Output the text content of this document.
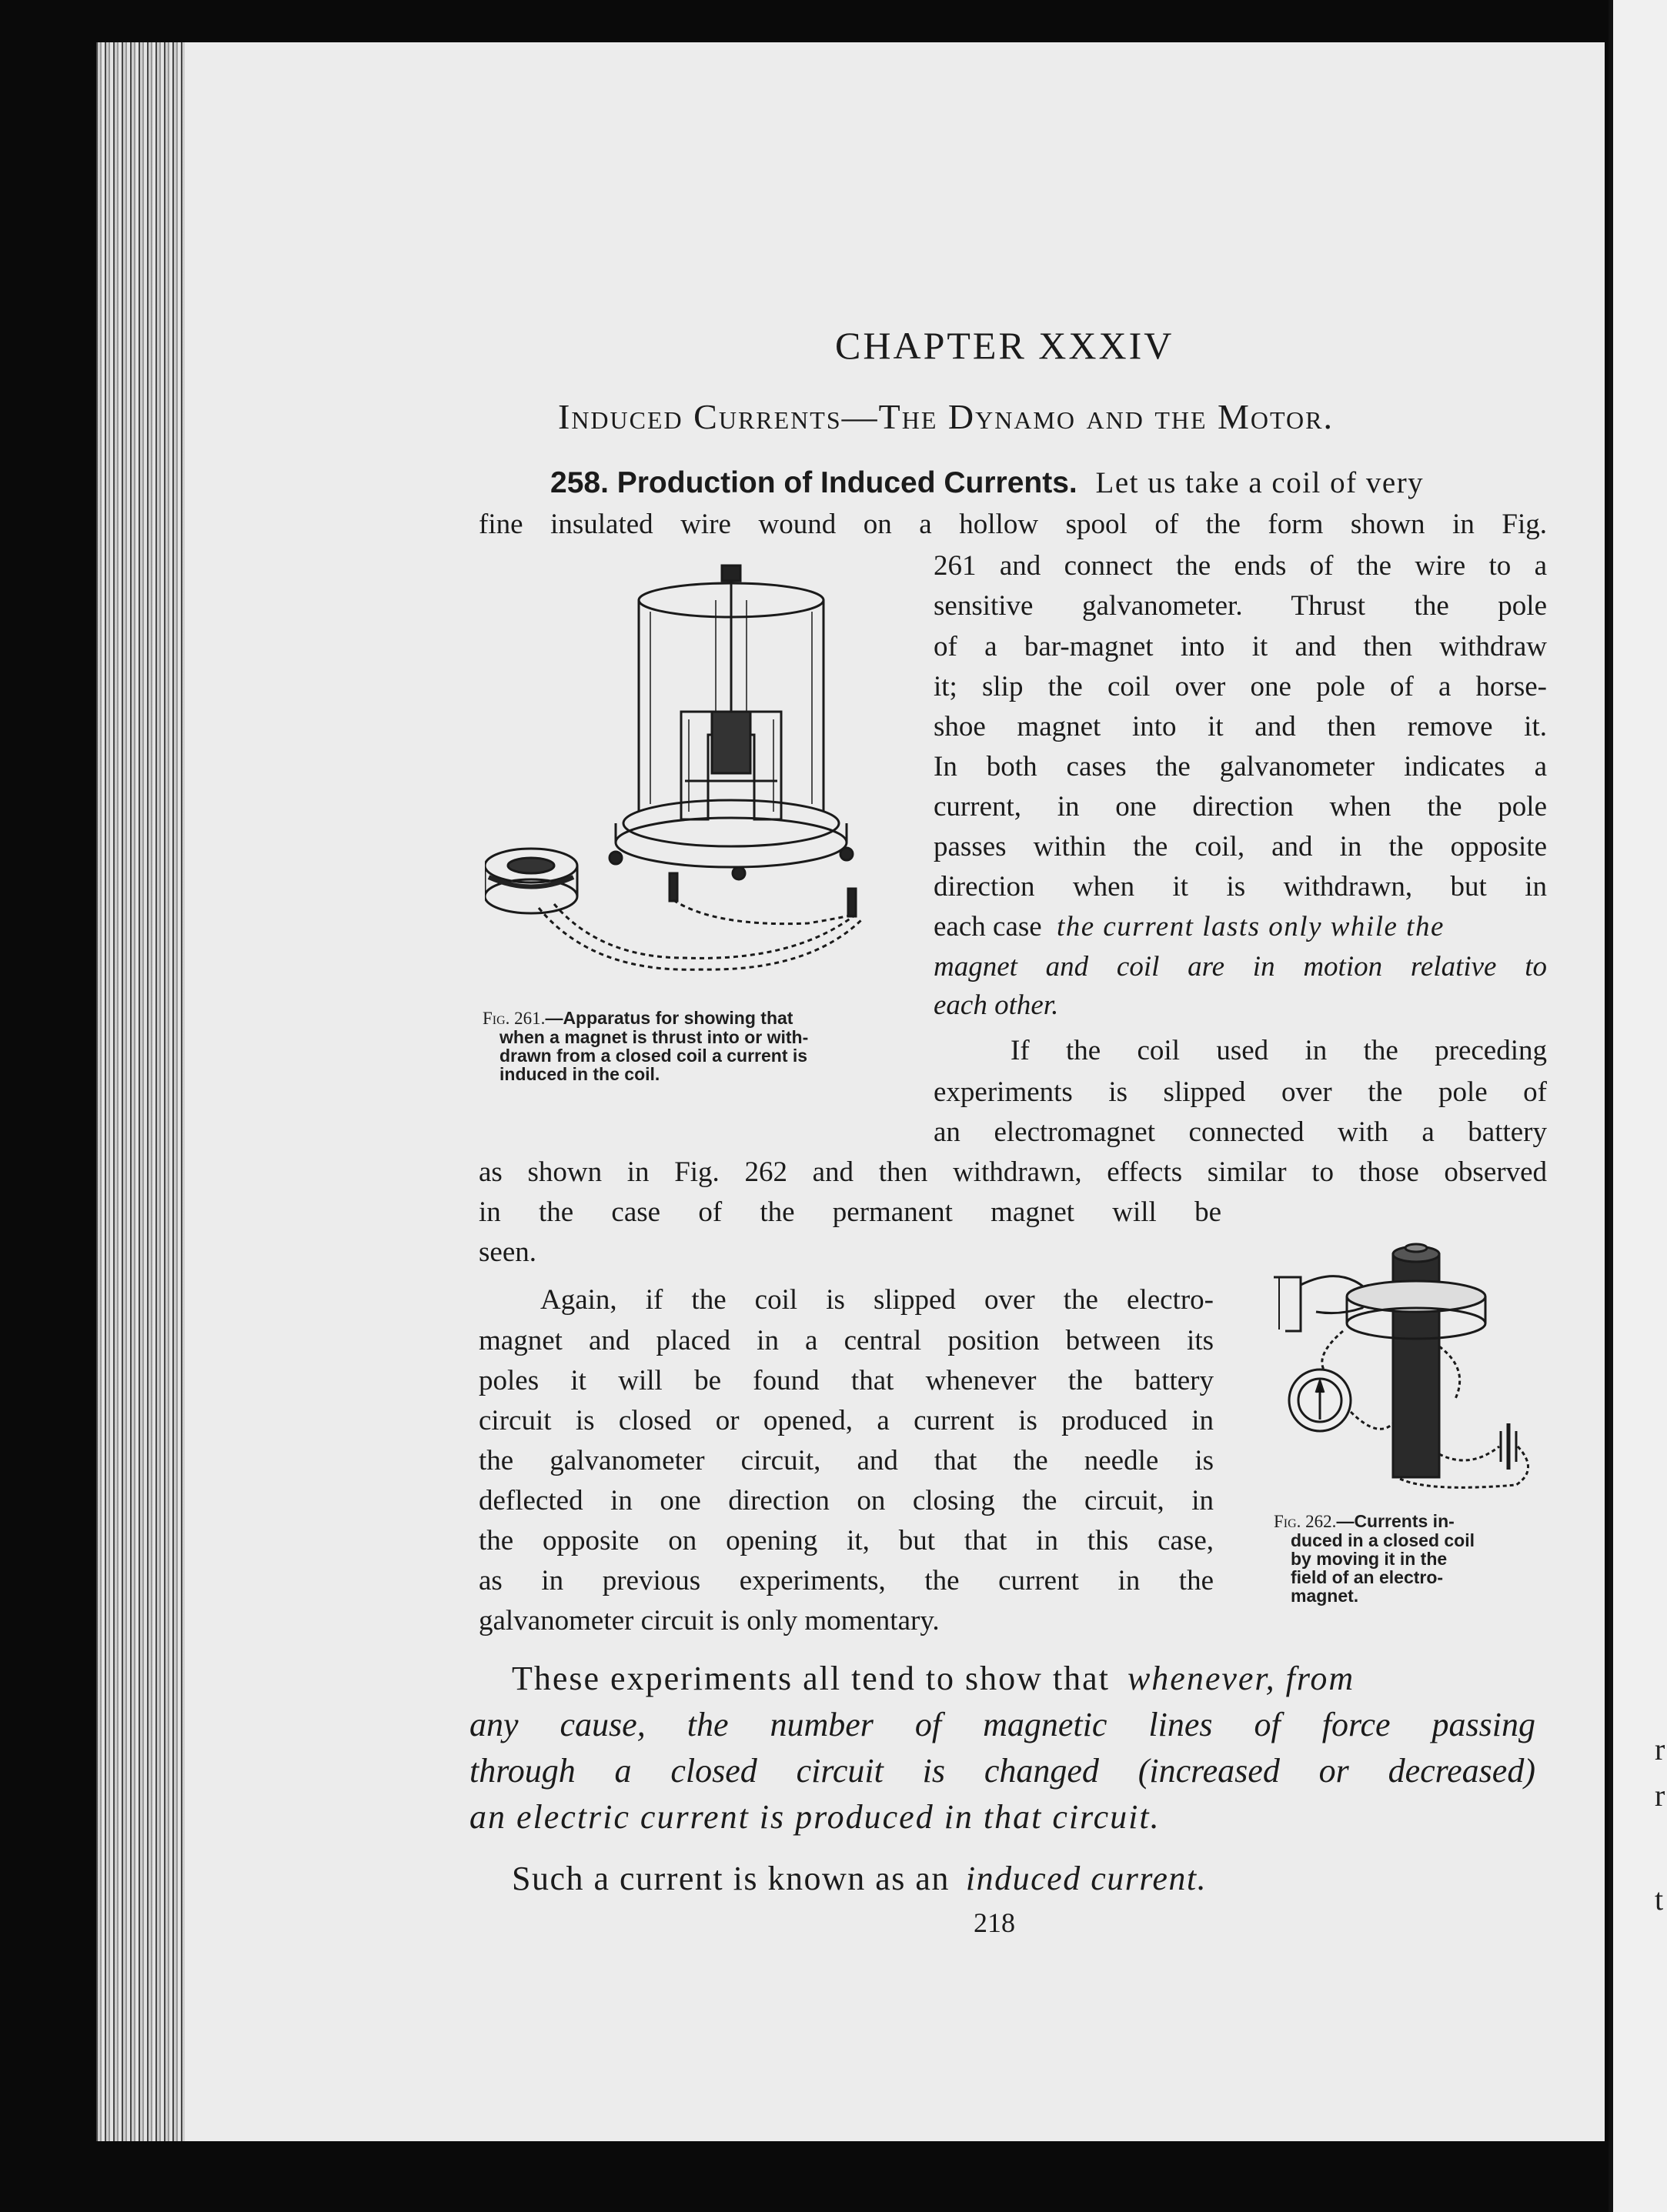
r
r
t
CHAPTER XXXIV
Induced Currents—The Dynamo and the Motor.
258. Production of Induced Currents. Let us take a coil of very
fine insulated wire wound on a hollow spool of the form shown in Fig.
261 and connect the ends of the wire to a
sensitive galvanometer. Thrust the pole
of a bar-magnet into it and then withdraw
it; slip the coil over one pole of a horse-
shoe magnet into it and then remove it.
In both cases the galvanometer indicates a
current, in one direction when the pole
passes within the coil, and in the opposite
direction when it is withdrawn, but in
each case the current lasts only while the
magnet and coil are in motion relative to
each other.
Fig. 261.—Apparatus for showing that
when a magnet is thrust into or with-
drawn from a closed coil a current is
induced in the coil.
If the coil used in the preceding
experiments is slipped over the pole of
an electromagnet connected with a battery
as shown in Fig. 262 and then withdrawn, effects similar to those observed
in the case of the permanent magnet will be
seen.
Again, if the coil is slipped over the electro-
magnet and placed in a central position between its
poles it will be found that whenever the battery
circuit is closed or opened, a current is produced in
the galvanometer circuit, and that the needle is
deflected in one direction on closing the circuit, in
the opposite on opening it, but that in this case,
as in previous experiments, the current in the
galvanometer circuit is only momentary.
Fig. 262.—Currents in-
duced in a closed coil
by moving it in the
field of an electro-
magnet.
These experiments all tend to show that whenever, from
any cause, the number of magnetic lines of force passing
through a closed circuit is changed (increased or decreased)
an electric current is produced in that circuit.
Such a current is known as an induced current.
218
